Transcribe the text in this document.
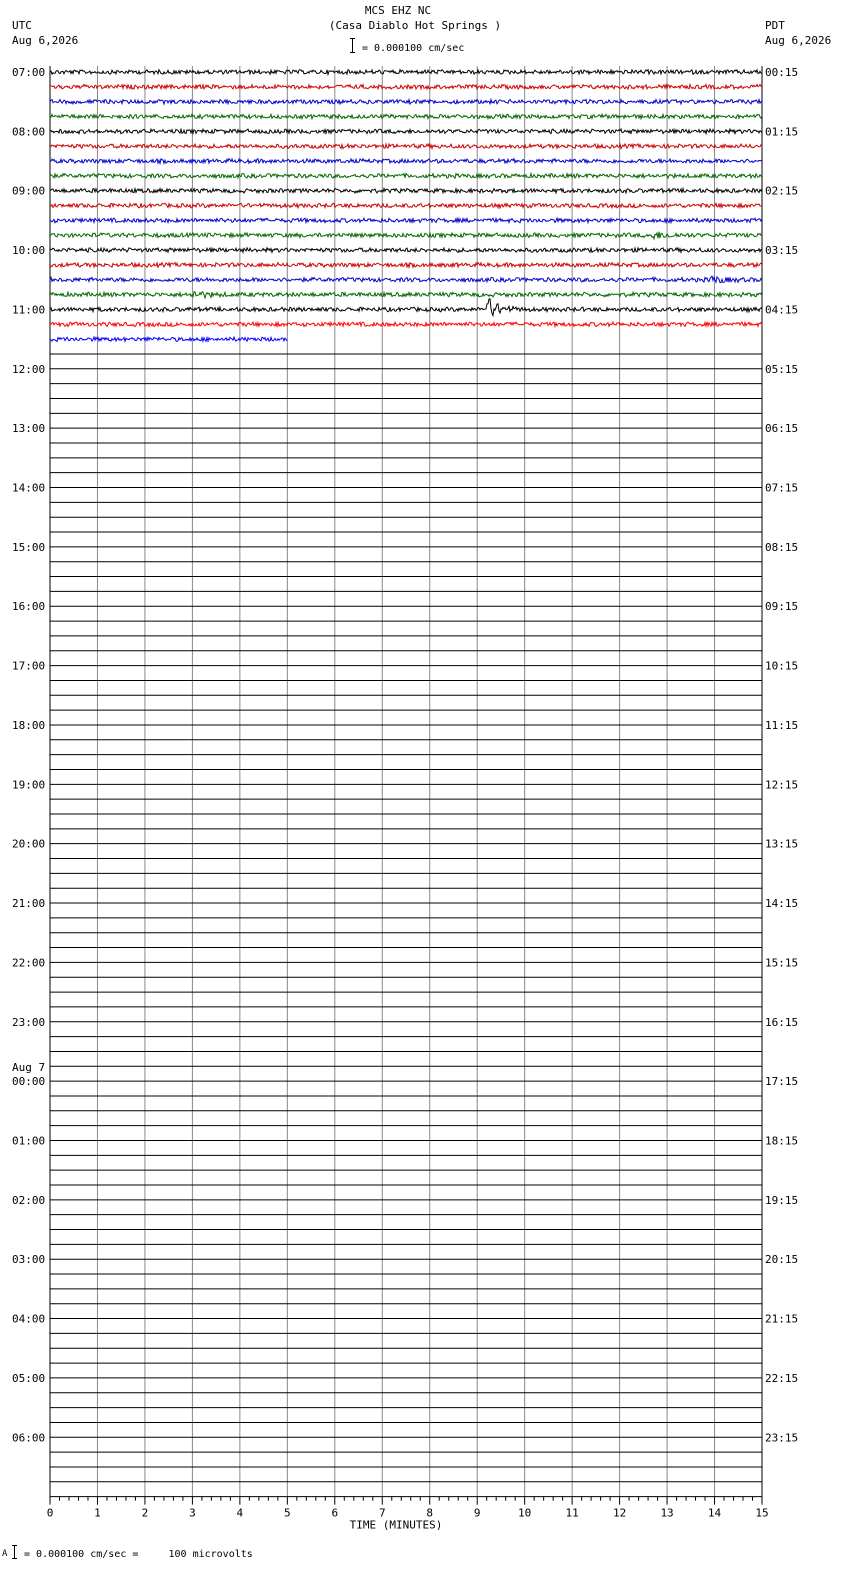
MCS EHZ NC
(Casa Diablo Hot Springs )
= 0.000100 cm/sec
UTC
Aug 6,2026
PDT
Aug 6,2026
0	1	2	3	4	5	6	7	8	9	10	11	12	13	14	15
TIME (MINUTES)
07:00
08:00
09:00
10:00
11:00
12:00
13:00
14:00
15:00
16:00
17:00
18:00
19:00
20:00
21:00
22:00
23:00
00:00
Aug 7
01:00
02:00
03:00
04:00
05:00
06:00
00:15
01:15
02:15
03:15
04:15
05:15
06:15
07:15
08:15
09:15
10:15
11:15
12:15
13:15
14:15
15:15
16:15
17:15
18:15
19:15
20:15
21:15
22:15
23:15
A = 0.000100 cm/sec =     100 microvolts
